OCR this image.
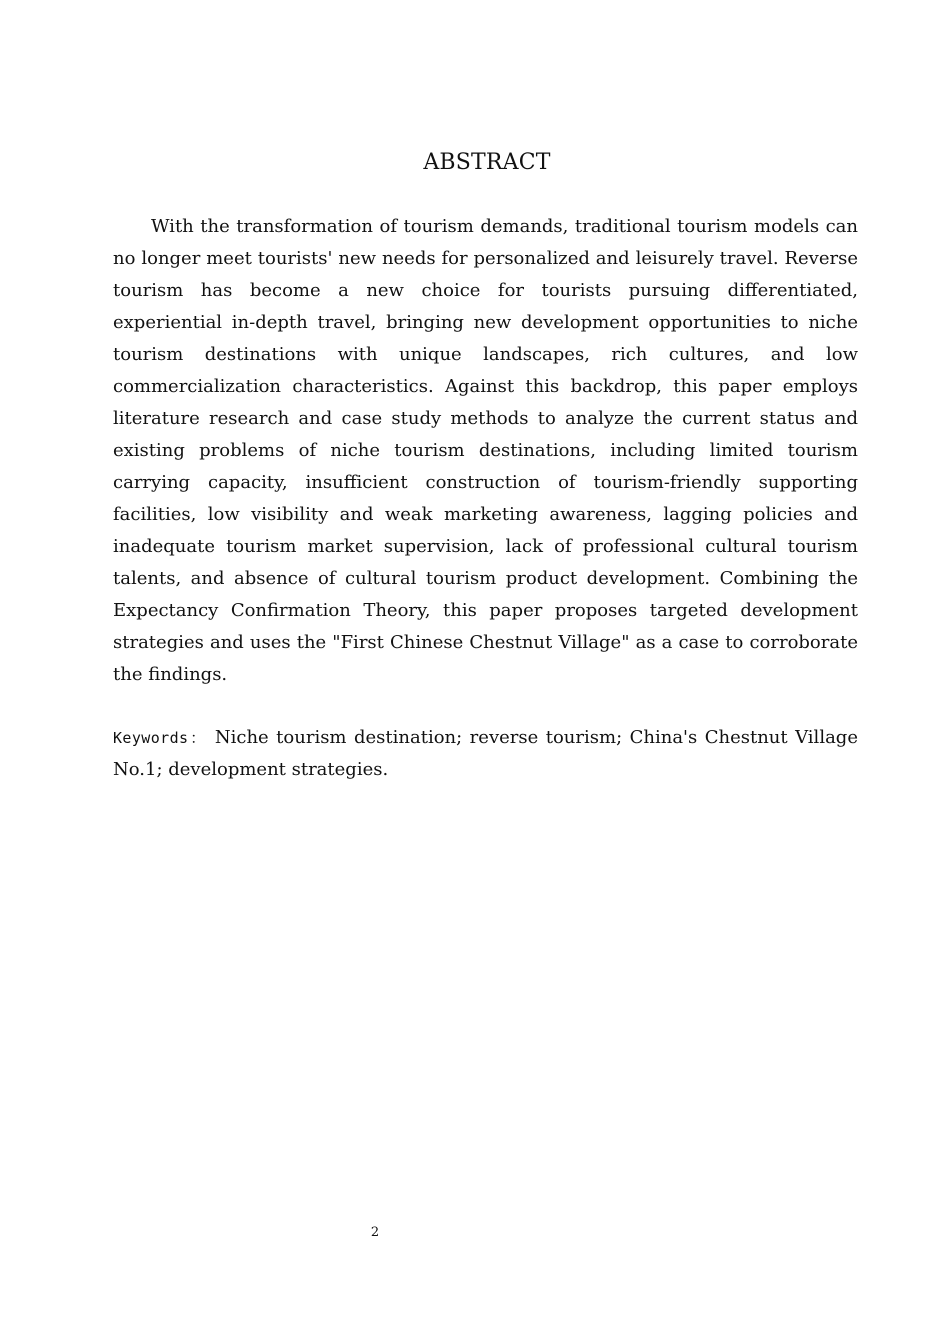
ABSTRACT

With the transformation of tourism demands, traditional tourism models can no longer meet tourists' new needs for personalized and leisurely travel. Reverse tourism has become a new choice for tourists pursuing differentiated, experiential in-depth travel, bringing new development opportunities to niche tourism destinations with unique landscapes, rich cultures, and low commercialization characteristics. Against this backdrop, this paper employs literature research and case study methods to analyze the current status and existing problems of niche tourism destinations, including limited tourism carrying capacity, insufficient construction of tourism-friendly supporting facilities, low visibility and weak marketing awareness, lagging policies and inadequate tourism market supervision, lack of professional cultural tourism talents, and absence of cultural tourism product development. Combining the Expectancy Confirmation Theory, this paper proposes targeted development strategies and uses the "First Chinese Chestnut Village" as a case to corroborate the findings.

Keywords： Niche tourism destination; reverse tourism; China's Chestnut Village No.1; development strategies.

2
